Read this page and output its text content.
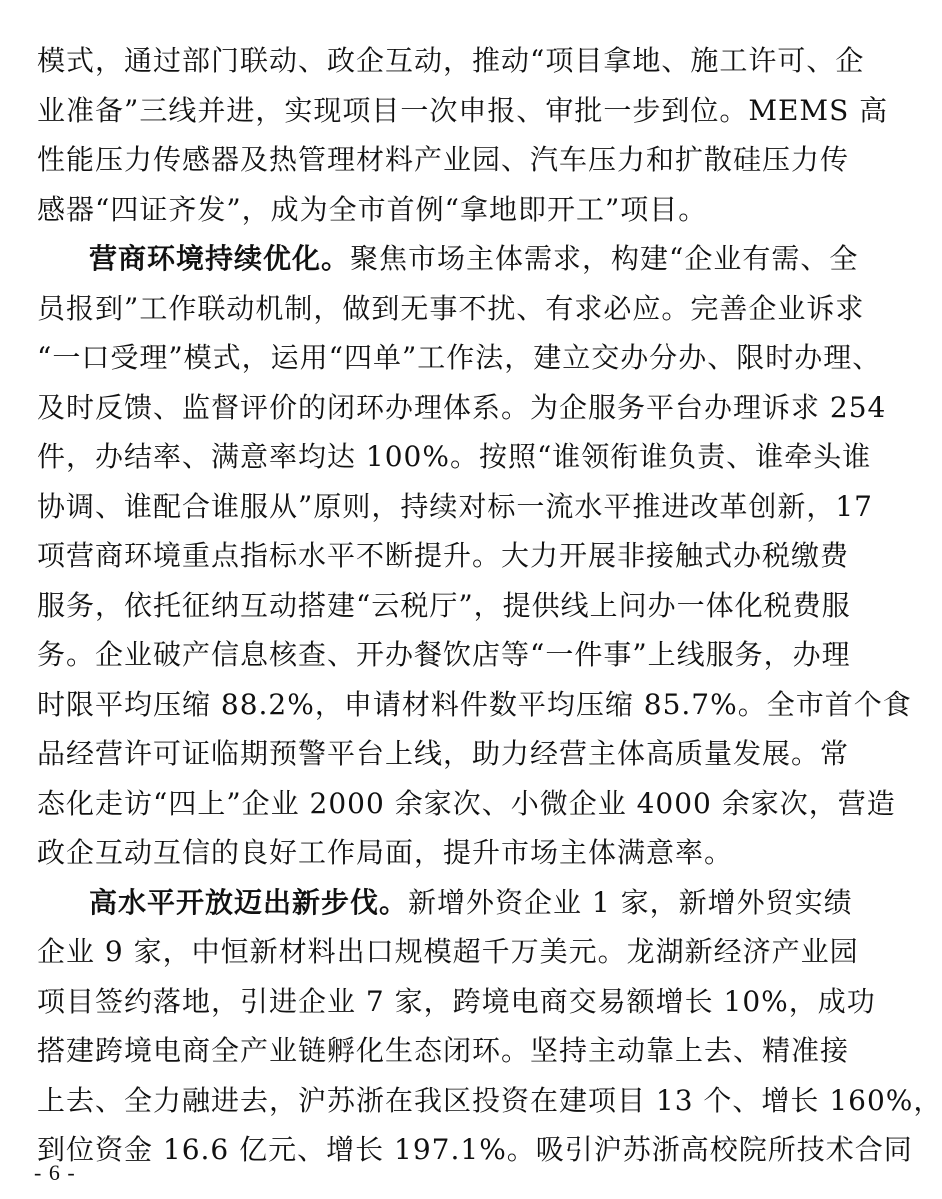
模式，通过部门联动、政企互动，推动“项目拿地、施工许可、企
业准备”三线并进，实现项目一次申报、审批一步到位。MEMS 高
性能压力传感器及热管理材料产业园、汽车压力和扩散硅压力传
感器“四证齐发”，成为全市首例“拿地即开工”项目。
营商环境持续优化。聚焦市场主体需求，构建“企业有需、全
员报到”工作联动机制，做到无事不扰、有求必应。完善企业诉求
“一口受理”模式，运用“四单”工作法，建立交办分办、限时办理、
及时反馈、监督评价的闭环办理体系。为企服务平台办理诉求 254
件，办结率、满意率均达 100%。按照“谁领衔谁负责、谁牵头谁
协调、谁配合谁服从”原则，持续对标一流水平推进改革创新，17
项营商环境重点指标水平不断提升。大力开展非接触式办税缴费
服务，依托征纳互动搭建“云税厅”，提供线上问办一体化税费服
务。企业破产信息核查、开办餐饮店等“一件事”上线服务，办理
时限平均压缩 88.2%，申请材料件数平均压缩 85.7%。全市首个食
品经营许可证临期预警平台上线，助力经营主体高质量发展。常
态化走访“四上”企业 2000 余家次、小微企业 4000 余家次，营造
政企互动互信的良好工作局面，提升市场主体满意率。
高水平开放迈出新步伐。新增外资企业 1 家，新增外贸实绩
企业 9 家，中恒新材料出口规模超千万美元。龙湖新经济产业园
项目签约落地，引进企业 7 家，跨境电商交易额增长 10%，成功
搭建跨境电商全产业链孵化生态闭环。坚持主动靠上去、精准接
上去、全力融进去，沪苏浙在我区投资在建项目 13 个、增长 160%，
到位资金 16.6 亿元、增长 197.1%。吸引沪苏浙高校院所技术合同
- 6 -
